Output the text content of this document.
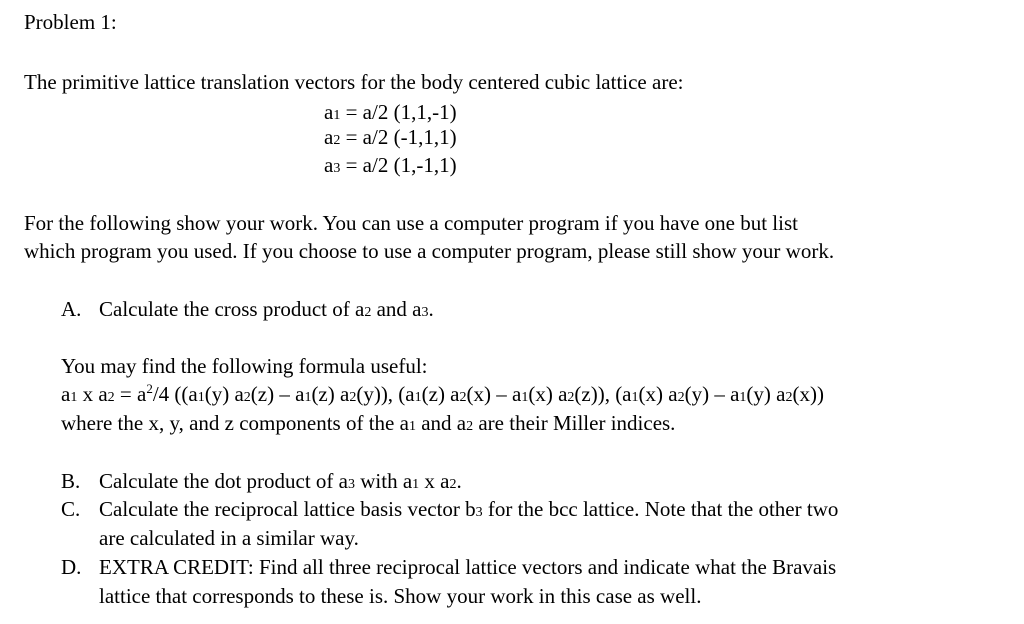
Problem 1:
The primitive lattice translation vectors for the body centered cubic lattice are:
a1 = a/2 (1,1,-1)
a2 = a/2 (-1,1,1)
a3 = a/2 (1,-1,1)
For the following show your work. You can use a computer program if you have one but list
which program you used. If you choose to use a computer program, please still show your work.
A. Calculate the cross product of a2 and a3.
You may find the following formula useful:
a1 x $a2 = a^2/4$ ((a1(y) a2(z) – a1(z) a2(y)), (a1(z) a2(x) – a1(x) a2(z)), (a1(x) a2(y) – a1(y) a2(x))
where the x, y, and z components of the a1 and a2 are their Miller indices.
B. Calculate the dot product of a3 with a1 x a2.
C. Calculate the reciprocal lattice basis vector b3 for the bcc lattice. Note that the other two
are calculated in a similar way.
D. EXTRA CREDIT: Find all three reciprocal lattice vectors and indicate what the Bravais
lattice that corresponds to these is. Show your work in this case as well.
